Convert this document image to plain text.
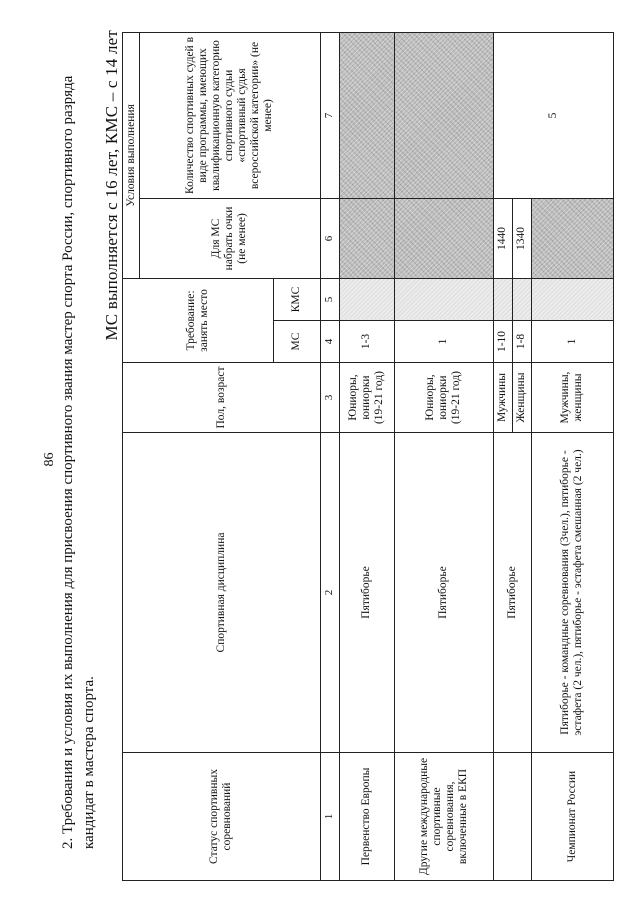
86 2. Требования и условия их выполнения для присвоения спортивного звания мастер спорта России, спортивного разряда кандидат в мастера спорта.
МС выполняется с 16 лет, КМС – с 14 лет
Статус спортивных соревнований	Спортивная дисциплина	Пол, возраст	Требование: занять место		Условия выполнения	
					Для МС набрать очки (не менее)	Количество спортивных судей в виде программы, имеющих квалификационную категорию спортивного судьи «спортивный судья всероссийской категории» (не менее)
			МС	КМС		
1	2	3	4	5	6	7
Первенство Европы	Пятиборье	Юниоры, юниорки (19-21 год)	1-3			
Другие международные спортивные соревнования, включенные в ЕКП	Пятиборье	Юниоры, юниорки (19-21 год)	1			
	Пятиборье	Мужчины	1-10		1440	5
		Женщины	1-8		1340	
Чемпионат России	Пятиборье - командные соревнования (3чел.), пятиборье - эстафета (2 чел.), пятиборье - эстафета смешанная (2 чел.)	Мужчины, женщины	1			
